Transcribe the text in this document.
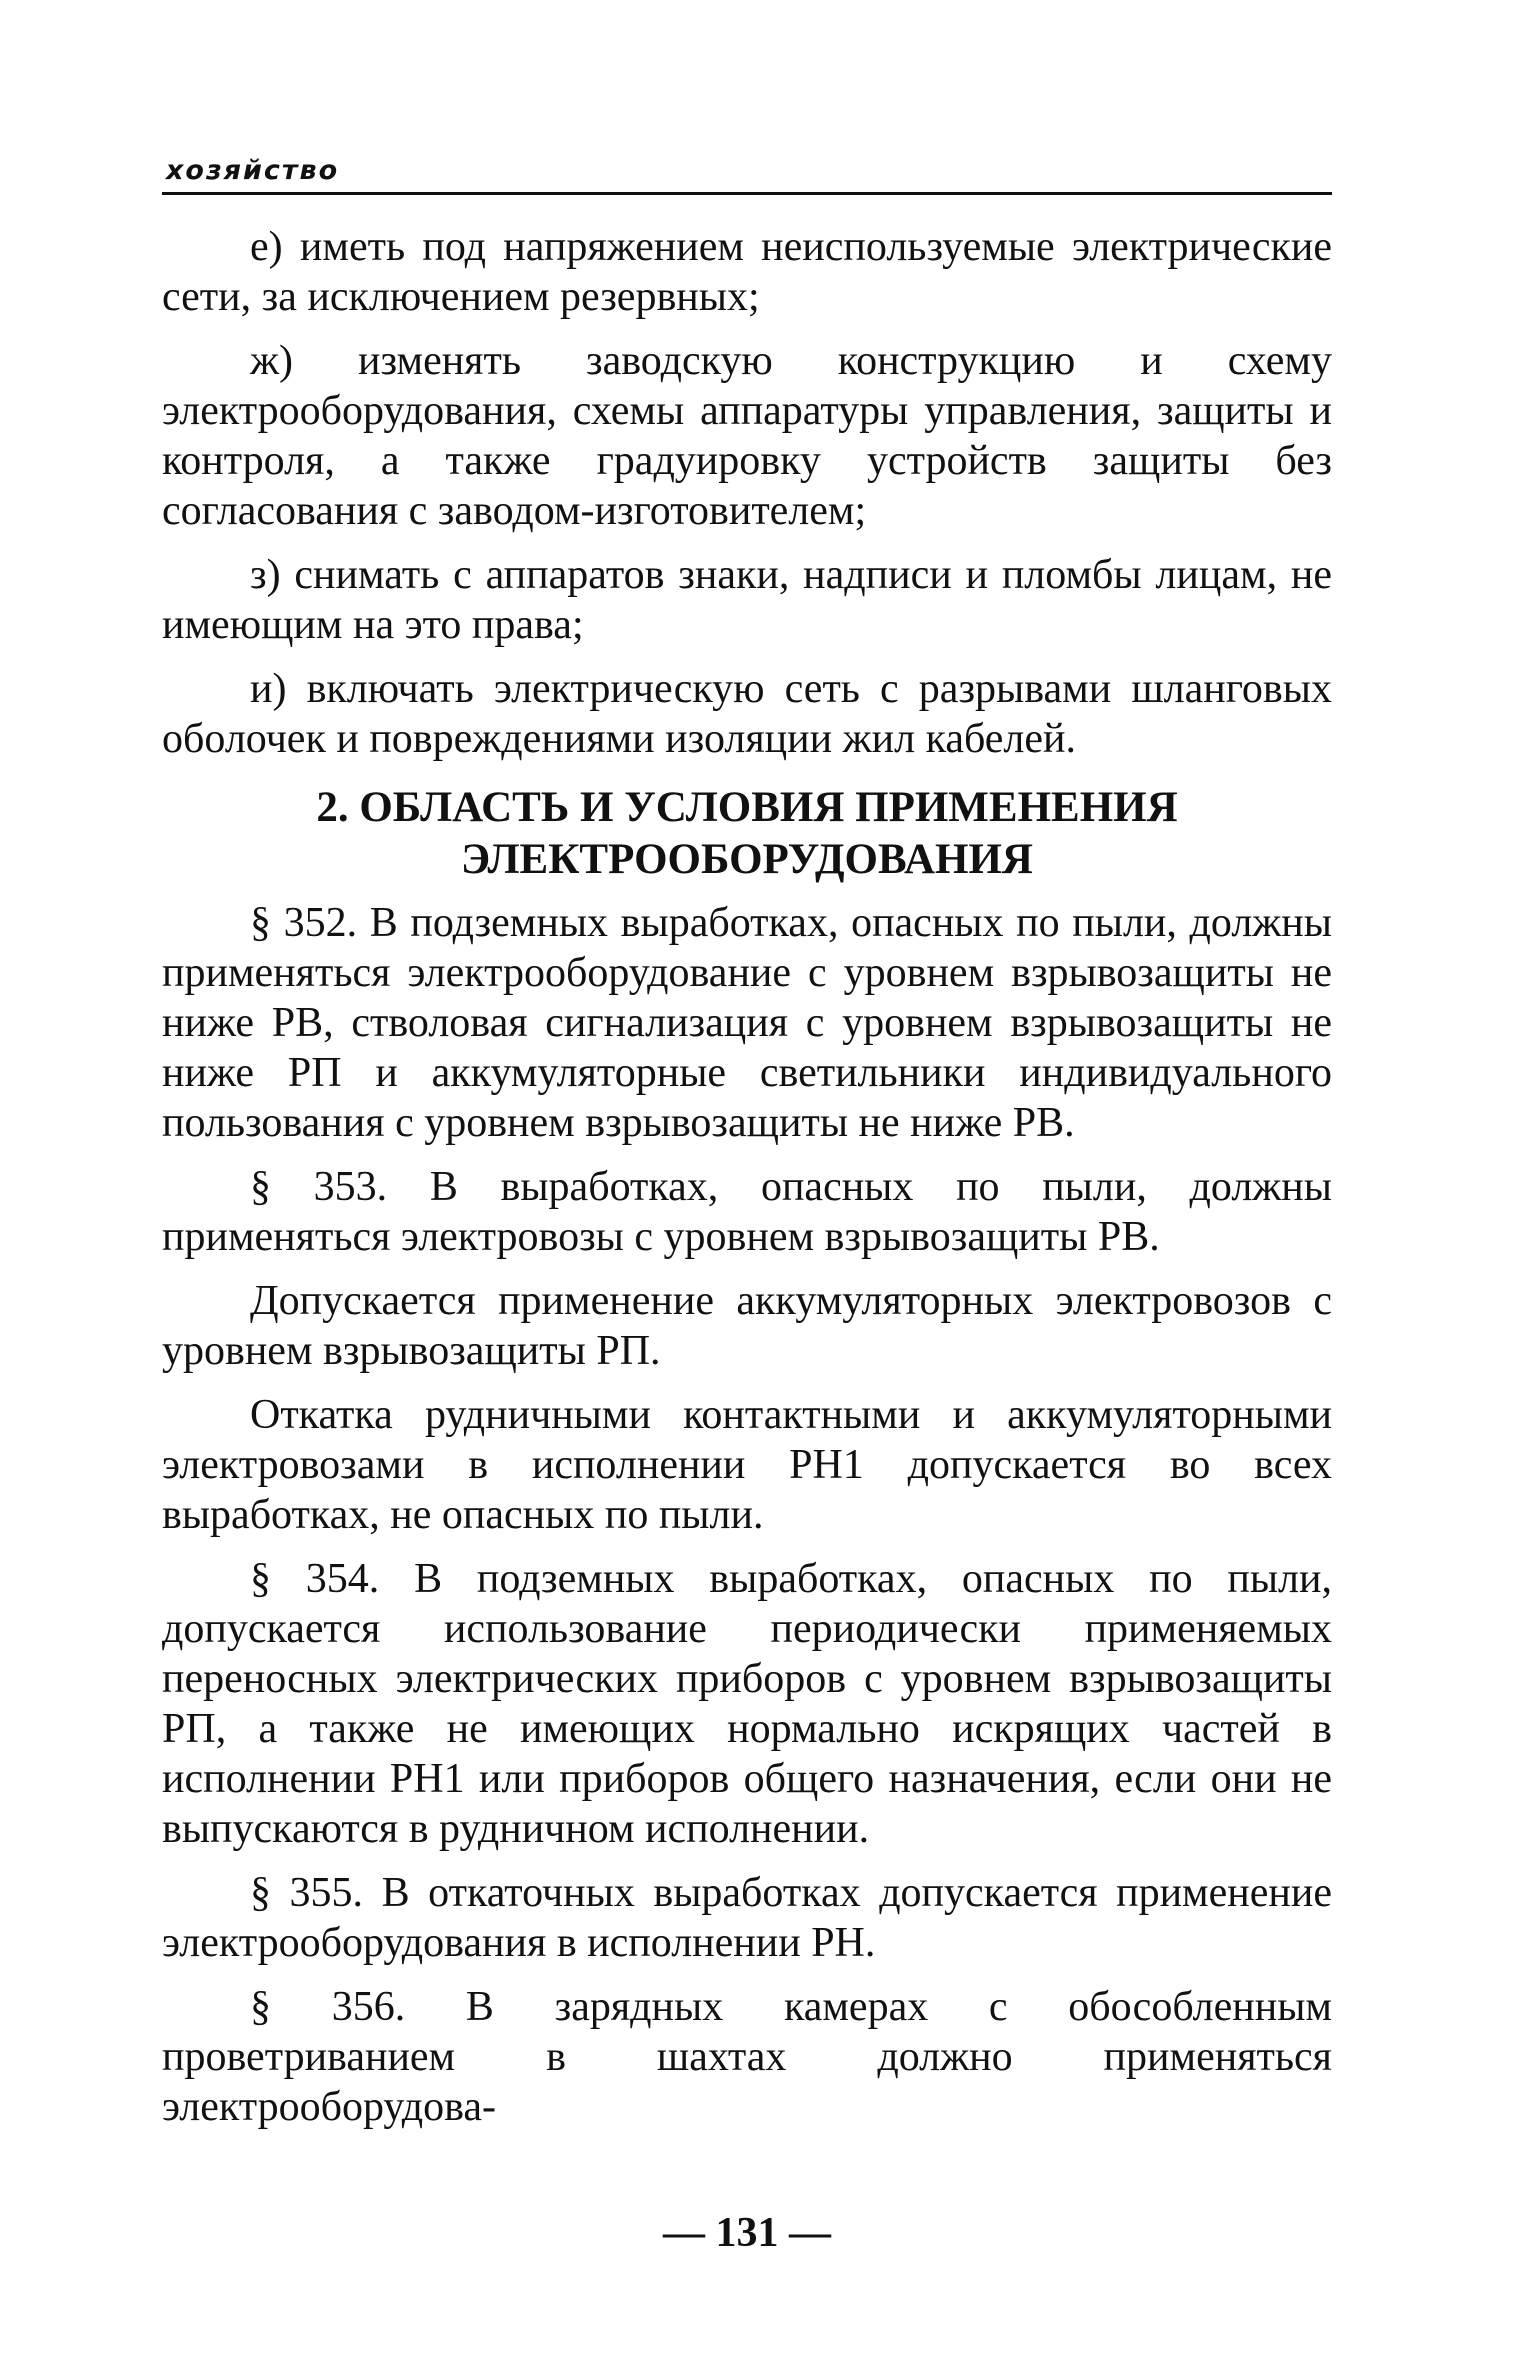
хозяйство

е) иметь под напряжением неиспользуемые электрические сети, за исключением резервных;

ж) изменять заводскую конструкцию и схему электрооборудования, схемы аппаратуры управления, защиты и контроля, а также градуировку устройств защиты без согласования с заводом-изготовителем;

з) снимать с аппаратов знаки, надписи и пломбы лицам, не имеющим на это права;

и) включать электрическую сеть с разрывами шланговых оболочек и повреждениями изоляции жил кабелей.

2. ОБЛАСТЬ И УСЛОВИЯ ПРИМЕНЕНИЯ
ЭЛЕКТРООБОРУДОВАНИЯ

§ 352. В подземных выработках, опасных по пыли, должны применяться электрооборудование с уровнем взрывозащиты не ниже РВ, стволовая сигнализация с уровнем взрывозащиты не ниже РП и аккумуляторные светильники индивидуального пользования с уровнем взрывозащиты не ниже РВ.

§ 353. В выработках, опасных по пыли, должны применяться электровозы с уровнем взрывозащиты РВ.

Допускается применение аккумуляторных электровозов с уровнем взрывозащиты РП.

Откатка рудничными контактными и аккумуляторными электровозами в исполнении РН1 допускается во всех выработках, не опасных по пыли.

§ 354. В подземных выработках, опасных по пыли, допускается использование периодически применяемых переносных электрических приборов с уровнем взрывозащиты РП, а также не имеющих нормально искрящих частей в исполнении РН1 или приборов общего назначения, если они не выпускаются в рудничном исполнении.

§ 355. В откаточных выработках допускается применение электрооборудования в исполнении РН.

§ 356. В зарядных камерах с обособленным проветриванием в шахтах должно применяться электрооборудова-

— 131 —
